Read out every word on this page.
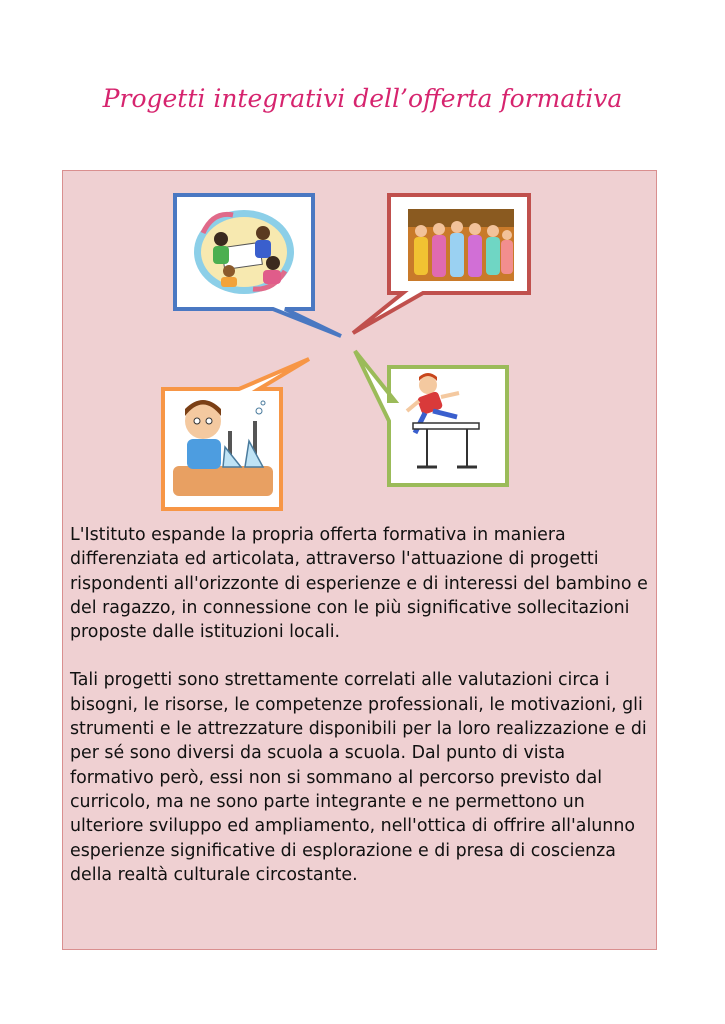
Progetti integrativi dell’offerta formativa

L'Istituto espande la propria offerta formativa in maniera differenziata ed articolata, attraverso l'attuazione di progetti rispondenti all'orizzonte di esperienze e di interessi del bambino e del ragazzo, in connessione con le più significative sollecitazioni proposte dalle istituzioni locali.

Tali progetti sono strettamente correlati alle valutazioni circa i bisogni, le risorse, le competenze professionali, le motivazioni, gli strumenti e le attrezzature disponibili per la loro realizzazione e di per sé sono diversi da scuola a scuola. Dal punto di vista formativo però, essi non si sommano al percorso previsto dal curricolo, ma ne sono parte integrante e ne permettono un ulteriore sviluppo ed ampliamento, nell'ottica di offrire all'alunno esperienze significative di esplorazione e di presa di coscienza della realtà culturale circostante.
